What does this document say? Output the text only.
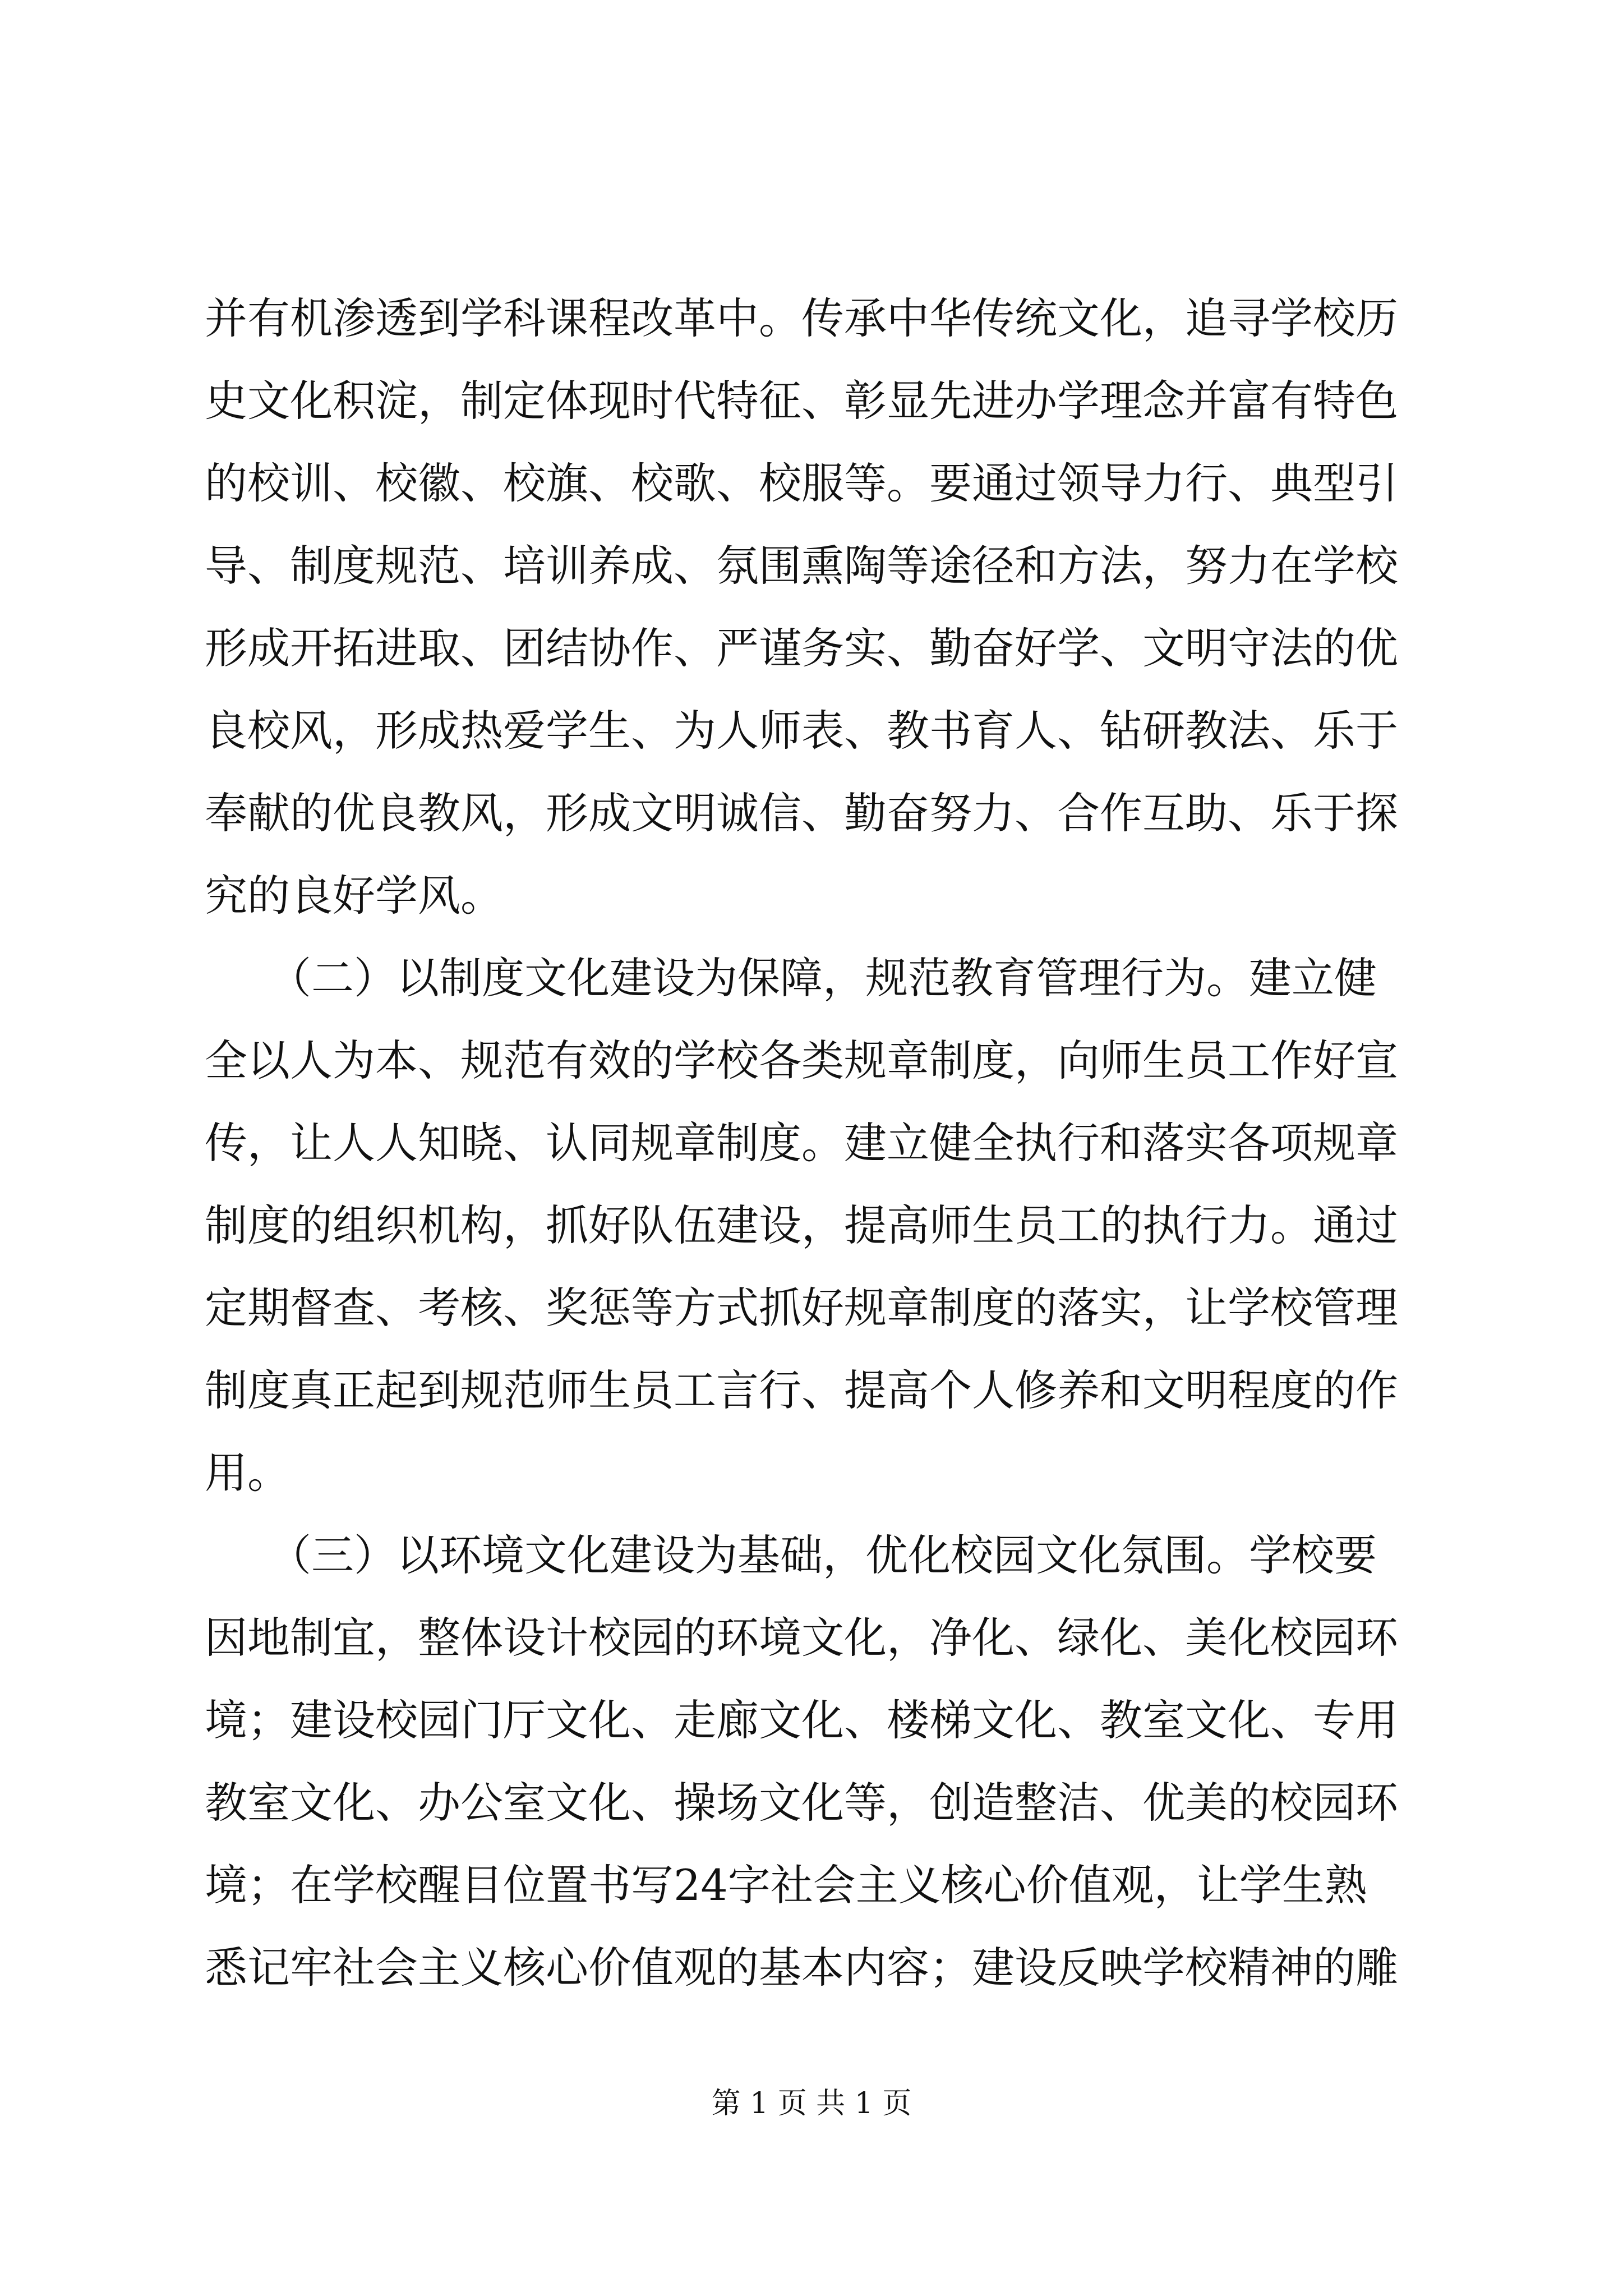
并有机渗透到学科课程改革中。传承中华传统文化，追寻学校历
史文化积淀，制定体现时代特征、彰显先进办学理念并富有特色
的校训、校徽、校旗、校歌、校服等。要通过领导力行、典型引
导、制度规范、培训养成、氛围熏陶等途径和方法，努力在学校
形成开拓进取、团结协作、严谨务实、勤奋好学、文明守法的优
良校风，形成热爱学生、为人师表、教书育人、钻研教法、乐于
奉献的优良教风，形成文明诚信、勤奋努力、合作互助、乐于探
究的良好学风。
　　（二）以制度文化建设为保障，规范教育管理行为。建立健
全以人为本、规范有效的学校各类规章制度，向师生员工作好宣
传，让人人知晓、认同规章制度。建立健全执行和落实各项规章
制度的组织机构，抓好队伍建设，提高师生员工的执行力。通过
定期督查、考核、奖惩等方式抓好规章制度的落实，让学校管理
制度真正起到规范师生员工言行、提高个人修养和文明程度的作
用。
　　（三）以环境文化建设为基础，优化校园文化氛围。学校要
因地制宜，整体设计校园的环境文化，净化、绿化、美化校园环
境；建设校园门厅文化、走廊文化、楼梯文化、教室文化、专用
教室文化、办公室文化、操场文化等，创造整洁、优美的校园环
境；在学校醒目位置书写24字社会主义核心价值观，让学生熟
悉记牢社会主义核心价值观的基本内容；建设反映学校精神的雕
第 1 页 共 1 页
